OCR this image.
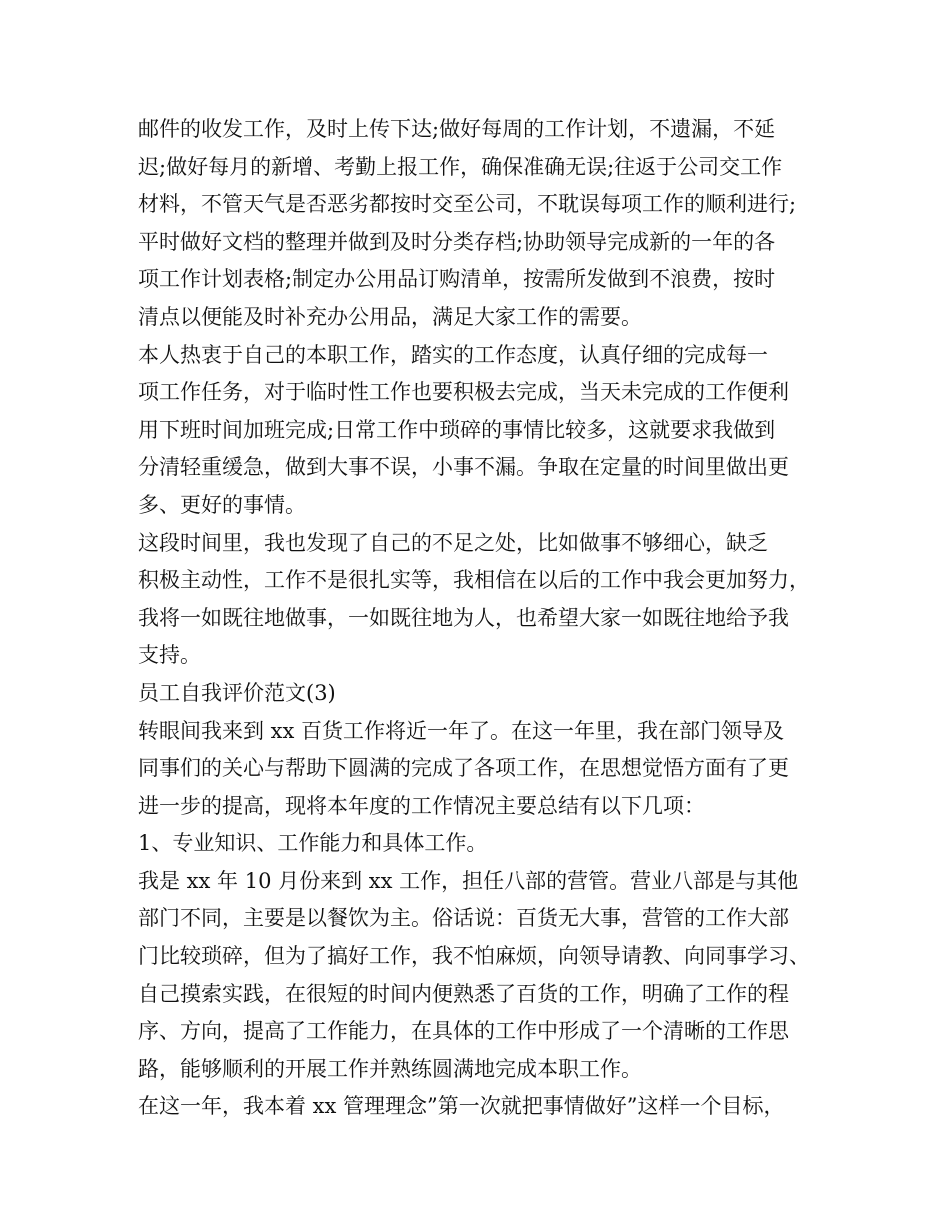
邮件的收发工作，及时上传下达;做好每周的工作计划，不遗漏，不延
迟;做好每月的新增、考勤上报工作，确保准确无误;往返于公司交工作
材料，不管天气是否恶劣都按时交至公司，不耽误每项工作的顺利进行;
平时做好文档的整理并做到及时分类存档;协助领导完成新的一年的各
项工作计划表格;制定办公用品订购清单，按需所发做到不浪费，按时
清点以便能及时补充办公用品，满足大家工作的需要。
本人热衷于自己的本职工作，踏实的工作态度，认真仔细的完成每一
项工作任务，对于临时性工作也要积极去完成，当天未完成的工作便利
用下班时间加班完成;日常工作中琐碎的事情比较多，这就要求我做到
分清轻重缓急，做到大事不误，小事不漏。争取在定量的时间里做出更
多、更好的事情。
这段时间里，我也发现了自己的不足之处，比如做事不够细心，缺乏
积极主动性，工作不是很扎实等，我相信在以后的工作中我会更加努力，
我将一如既往地做事，一如既往地为人，也希望大家一如既往地给予我
支持。
员工自我评价范文(3)
转眼间我来到 xx 百货工作将近一年了。在这一年里，我在部门领导及
同事们的关心与帮助下圆满的完成了各项工作，在思想觉悟方面有了更
进一步的提高，现将本年度的工作情况主要总结有以下几项：
1、专业知识、工作能力和具体工作。
我是 xx 年 10 月份来到 xx 工作，担任八部的营管。营业八部是与其他
部门不同，主要是以餐饮为主。俗话说：百货无大事，营管的工作大部
门比较琐碎，但为了搞好工作，我不怕麻烦，向领导请教、向同事学习、
自己摸索实践，在很短的时间内便熟悉了百货的工作，明确了工作的程
序、方向，提高了工作能力，在具体的工作中形成了一个清晰的工作思
路，能够顺利的开展工作并熟练圆满地完成本职工作。
在这一年，我本着 xx 管理理念”第一次就把事情做好”这样一个目标，
